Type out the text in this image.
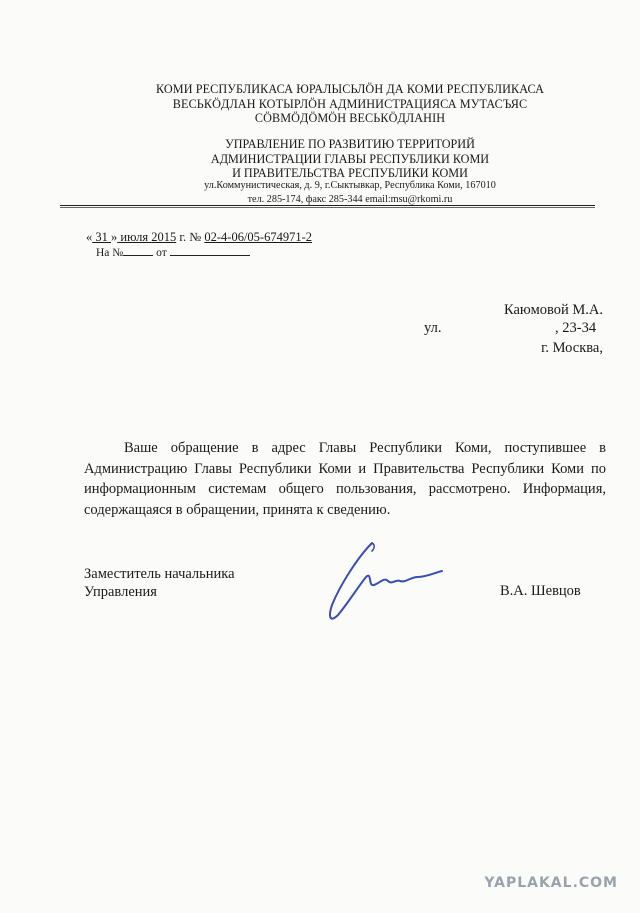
КОМИ РЕСПУБЛИКАСА ЮРАЛЫСЬЛӦН ДА КОМИ РЕСПУБЛИКАСА
ВЕСЬКӦДЛАН КОТЫРЛӦН АДМИНИСТРАЦИЯСА МУТАСЪЯС
СӦВМӦДӦМӦН ВЕСЬКӦДЛАНІН
УПРАВЛЕНИЕ ПО РАЗВИТИЮ ТЕРРИТОРИЙ
АДМИНИСТРАЦИИ ГЛАВЫ РЕСПУБЛИКИ КОМИ
И ПРАВИТЕЛЬСТВА РЕСПУБЛИКИ КОМИ
ул.Коммунистическая, д. 9, г.Сыктывкар, Республика Коми, 167010
тел. 285-174, факс 285-344 email:msu@rkomi.ru
« 31 » июля 2015 г. № 02-4-06/05-674971-2
На №	от
Каюмовой М.А.
ул.	, 23-34
г. Москва,
Ваше обращение в адрес Главы Республики Коми, поступившее в Администрацию Главы Республики Коми и Правительства Республики Коми по информационным системам общего пользования, рассмотрено. Информация, содержащаяся в обращении, принята к сведению.
Заместитель начальника
Управления	В.А. Шевцов
YAPLAKAL.COM
